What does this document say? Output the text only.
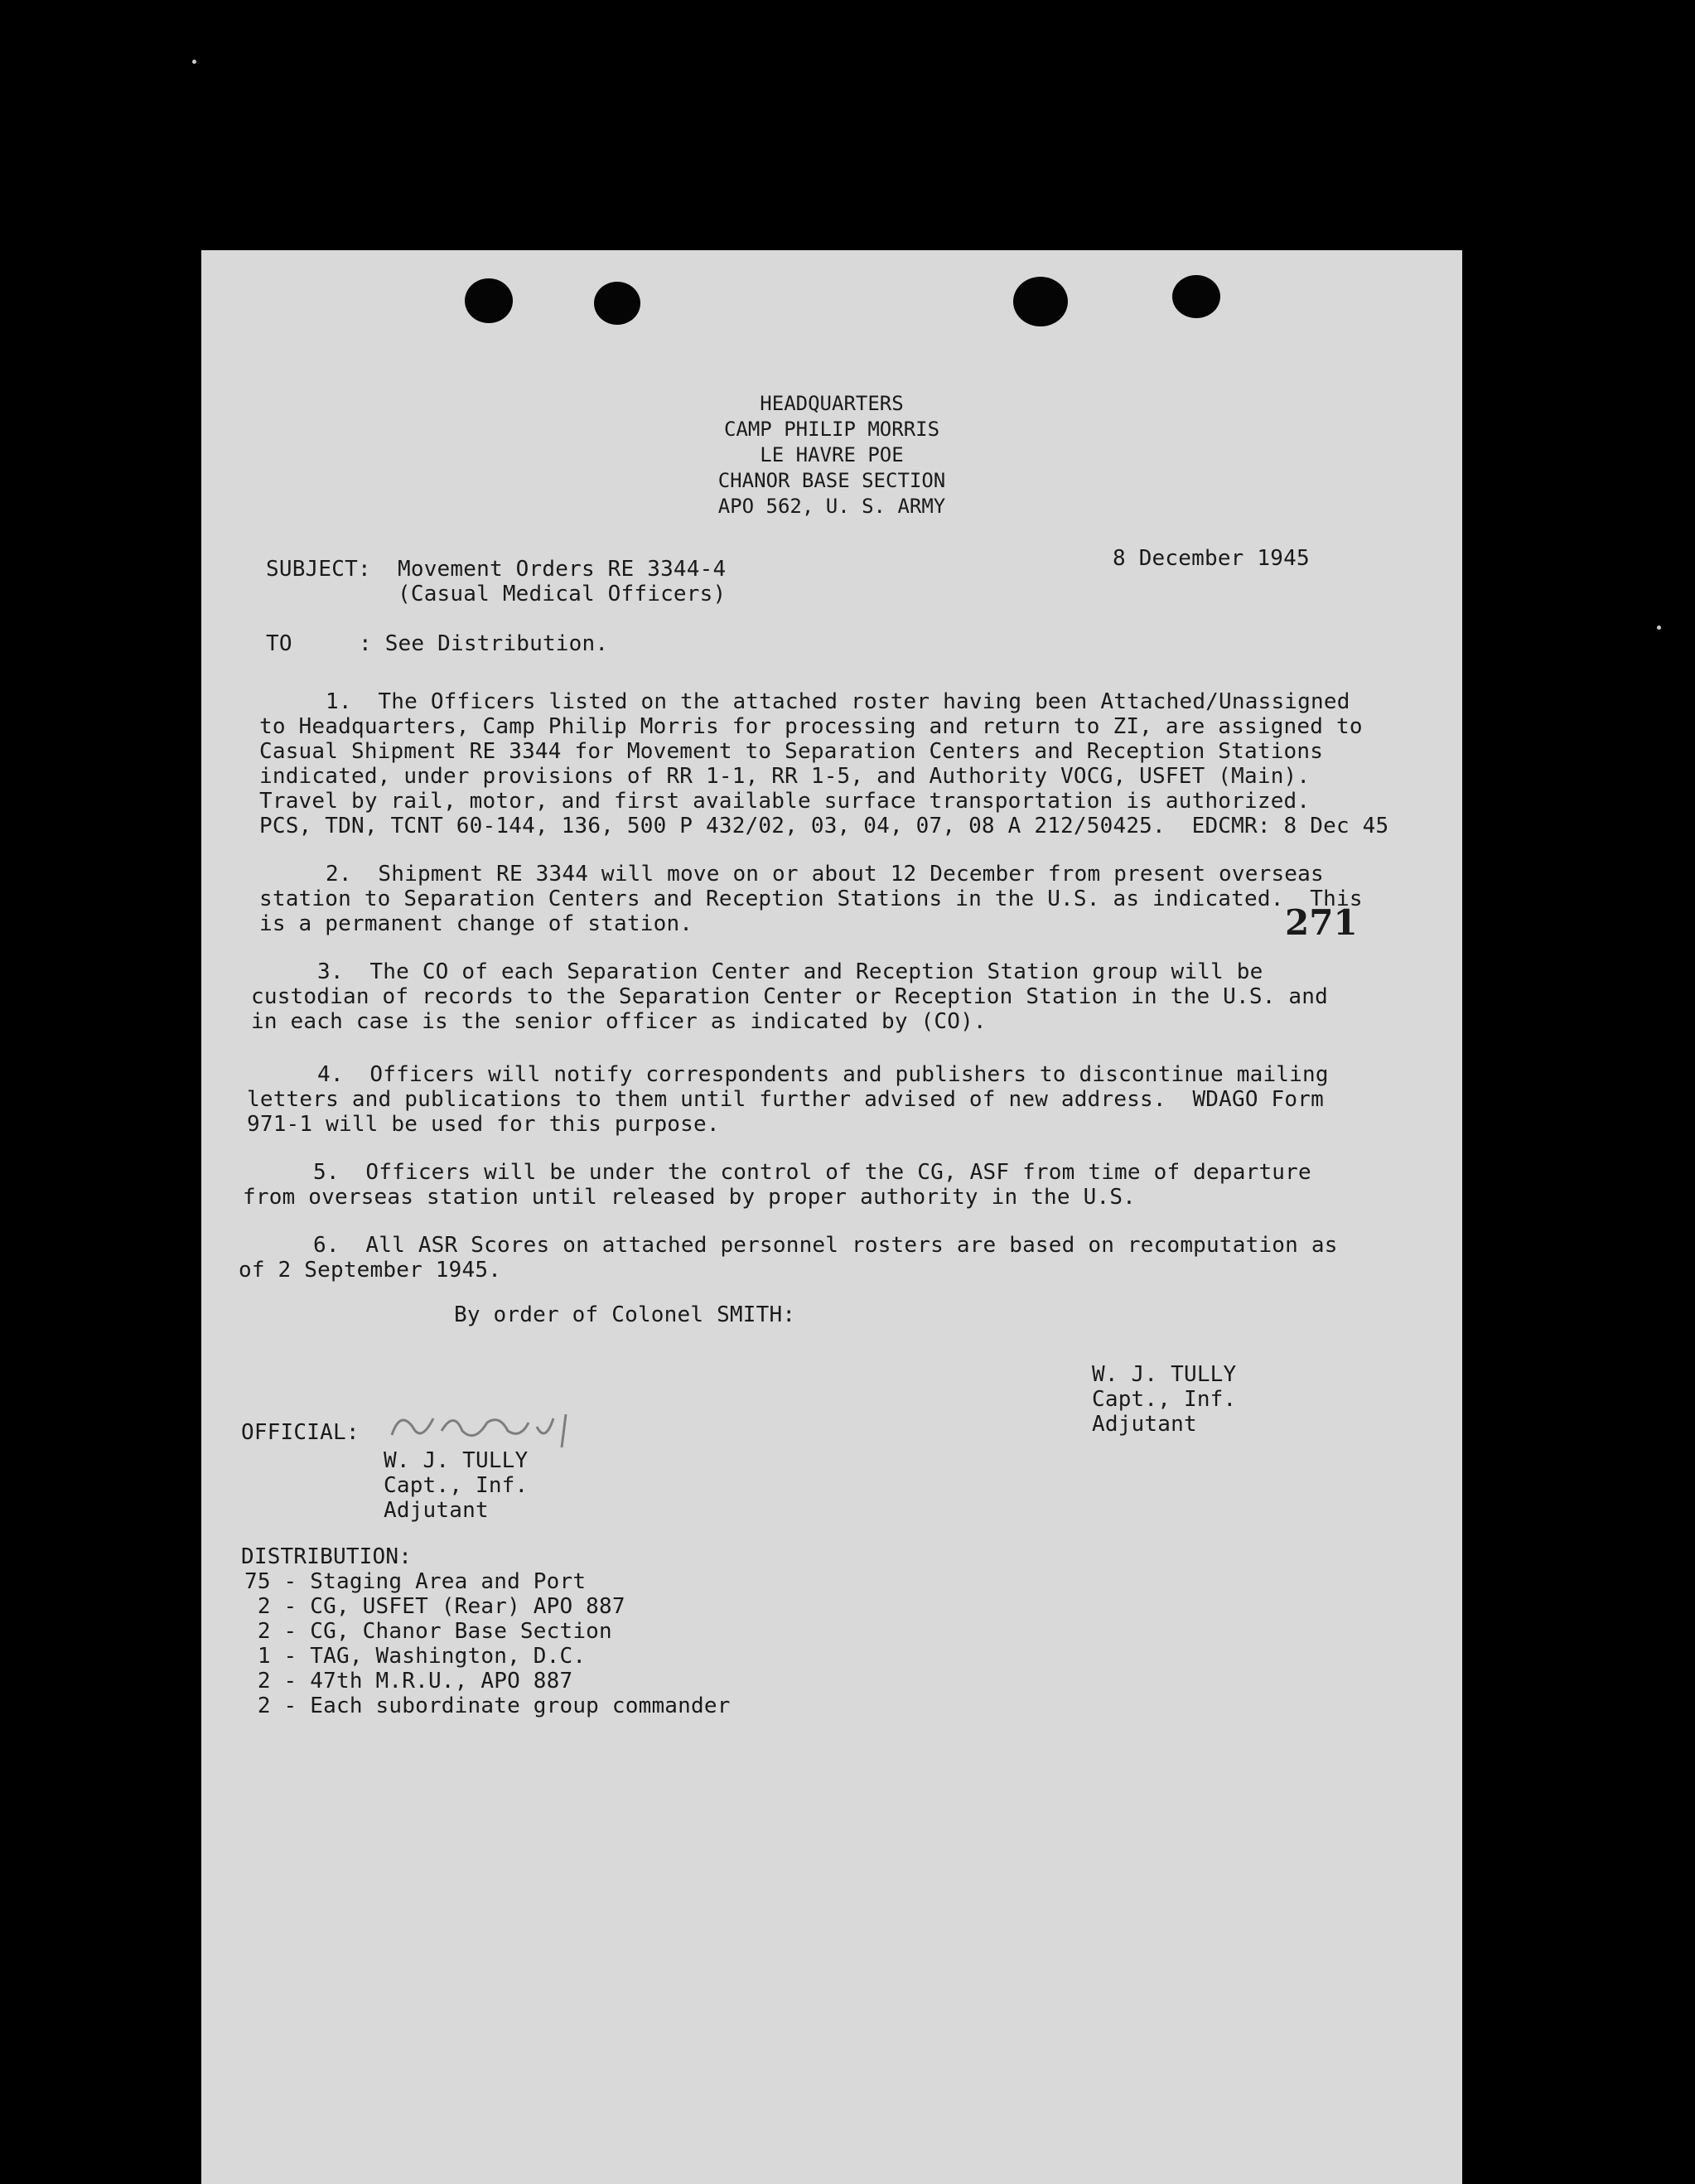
HEADQUARTERS
CAMP PHILIP MORRIS
LE HAVRE POE
CHANOR BASE SECTION
APO 562, U. S. ARMY
8 December 1945
SUBJECT: Movement Orders RE 3344-4
(Casual Medical Officers)
TO	: See Distribution.
1.  The Officers listed on the attached roster having been Attached/Unassigned
to Headquarters, Camp Philip Morris for processing and return to ZI, are assigned to
Casual Shipment RE 3344 for Movement to Separation Centers and Reception Stations
indicated, under provisions of RR 1-1, RR 1-5, and Authority VOCG, USFET (Main).
Travel by rail, motor, and first available surface transportation is authorized.
PCS, TDN, TCNT 60-144, 136, 500 P 432/02, 03, 04, 07, 08 A 212/50425.  EDCMR: 8 Dec 45
2.  Shipment RE 3344 will move on or about 12 December from present overseas
station to Separation Centers and Reception Stations in the U.S. as indicated.  This
is a permanent change of station.	271
3.  The CO of each Separation Center and Reception Station group will be
custodian of records to the Separation Center or Reception Station in the U.S. and
in each case is the senior officer as indicated by (CO).
4.  Officers will notify correspondents and publishers to discontinue mailing
letters and publications to them until further advised of new address.  WDAGO Form
971-1 will be used for this purpose.
5.  Officers will be under the control of the CG, ASF from time of departure
from overseas station until released by proper authority in the U.S.
6.  All ASR Scores on attached personnel rosters are based on recomputation as
of 2 September 1945.
By order of Colonel SMITH:
W. J. TULLY
Capt., Inf.
Adjutant
OFFICIAL:
W. J. TULLY
Capt., Inf.
Adjutant
DISTRIBUTION:
75 - Staging Area and Port
2 - CG, USFET (Rear) APO 887
2 - CG, Chanor Base Section
1 - TAG, Washington, D.C.
2 - 47th M.R.U., APO 887
2 - Each subordinate group commander
